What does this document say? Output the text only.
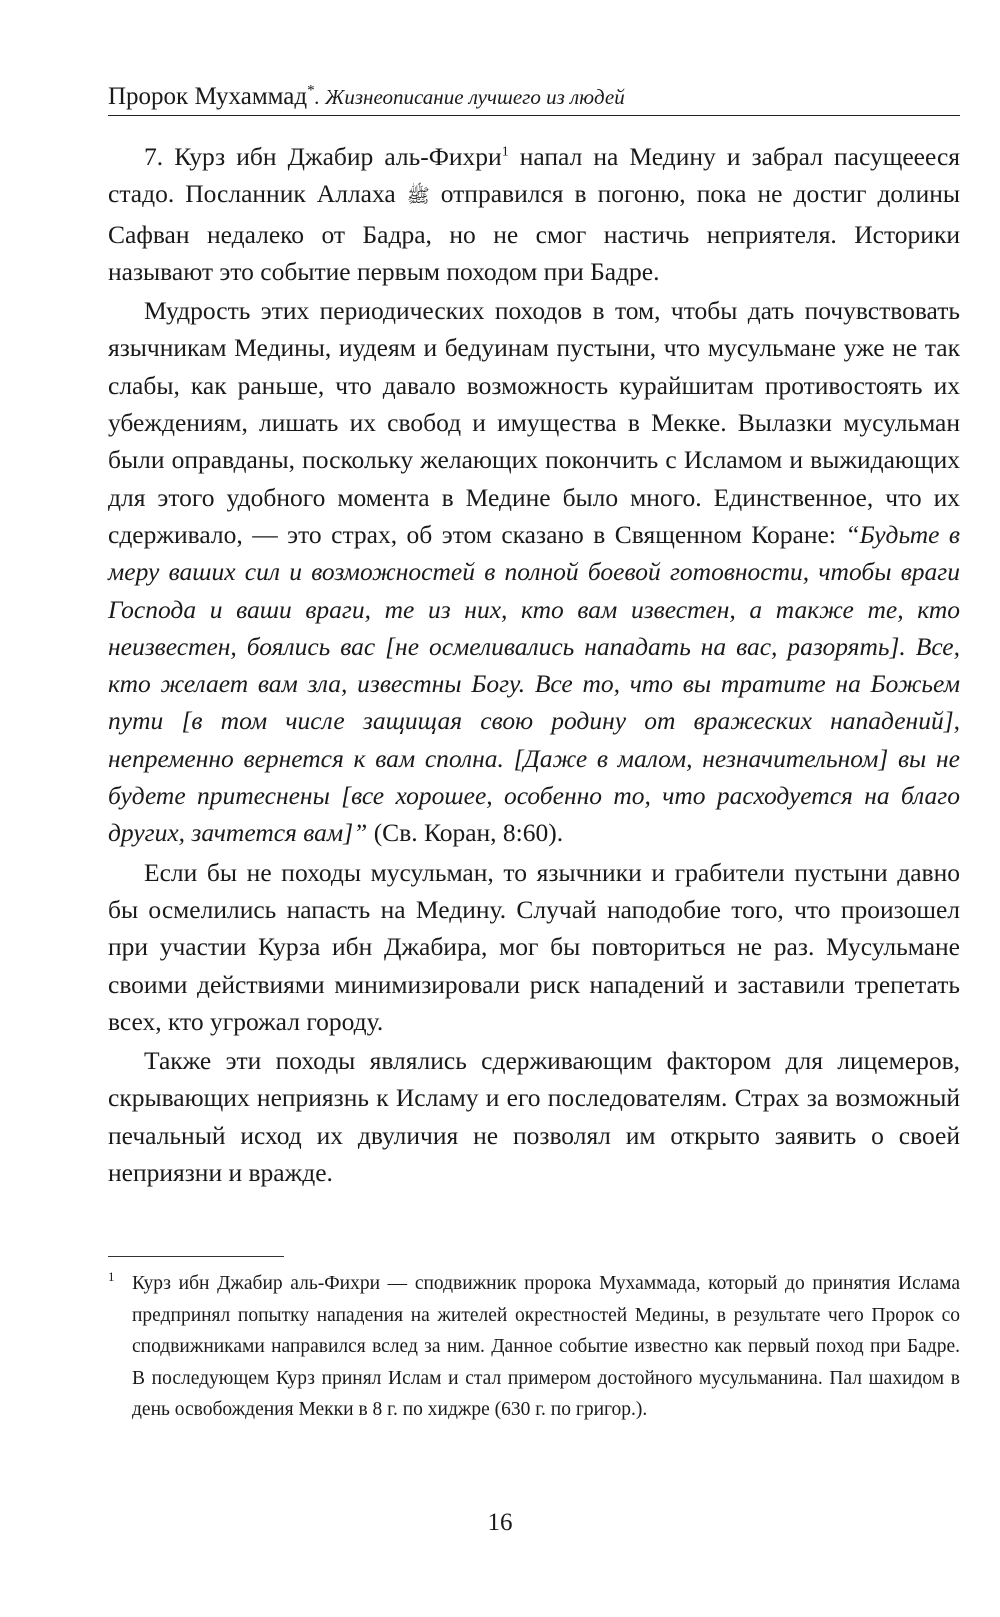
Пророк Мухаммад*. Жизнеописание лучшего из людей

7. Курз ибн Джабир аль-Фихри$^1$ напал на Медину и забрал пасущеееся стадо. Посланник Аллаха ﷺ отправился в погоню, пока не достиг долины Сафван недалеко от Бадра, но не смог настичь неприятеля. Историки называют это событие первым походом при Бадре.

Мудрость этих периодических походов в том, чтобы дать почувствовать язычникам Медины, иудеям и бедуинам пустыни, что мусульмане уже не так слабы, как раньше, что давало возможность курайшитам противостоять их убеждениям, лишать их свобод и имущества в Мекке. Вылазки мусульман были оправданы, поскольку желающих покончить с Исламом и выжидающих для этого удобного момента в Медине было много. Единственное, что их сдерживало, — это страх, об этом сказано в Священном Коране: “Будьте в меру ваших сил и возможностей в полной боевой готовности, чтобы враги Господа и ваши враги, те из них, кто вам известен, а также те, кто неизвестен, боялись вас [не осмеливались нападать на вас, разорять]. Все, кто желает вам зла, известны Богу. Все то, что вы тратите на Божьем пути [в том числе защищая свою родину от вражеских нападений], непременно вернется к вам сполна. [Даже в малом, незначительном] вы не будете притеснены [все хорошее, особенно то, что расходуется на благо других, зачтется вам]” (Св. Коран, 8:60).

Если бы не походы мусульман, то язычники и грабители пустыни давно бы осмелились напасть на Медину. Случай наподобие того, что произошел при участии Курза ибн Джабира, мог бы повториться не раз. Мусульмане своими действиями минимизировали риск нападений и заставили трепетать всех, кто угрожал городу.

Также эти походы являлись сдерживающим фактором для лицемеров, скрывающих неприязнь к Исламу и его последователям. Страх за возможный печальный исход их двуличия не позволял им открыто заявить о своей неприязни и вражде.

1 Курз ибн Джабир аль-Фихри — сподвижник пророка Мухаммада, который до принятия Ислама предпринял попытку нападения на жителей окрестностей Медины, в результате чего Пророк со сподвижниками направился вслед за ним. Данное событие известно как первый поход при Бадре. В последующем Курз принял Ислам и стал примером достойного мусульманина. Пал шахидом в день освобождения Мекки в 8 г. по хиджре (630 г. по григор.).
16
